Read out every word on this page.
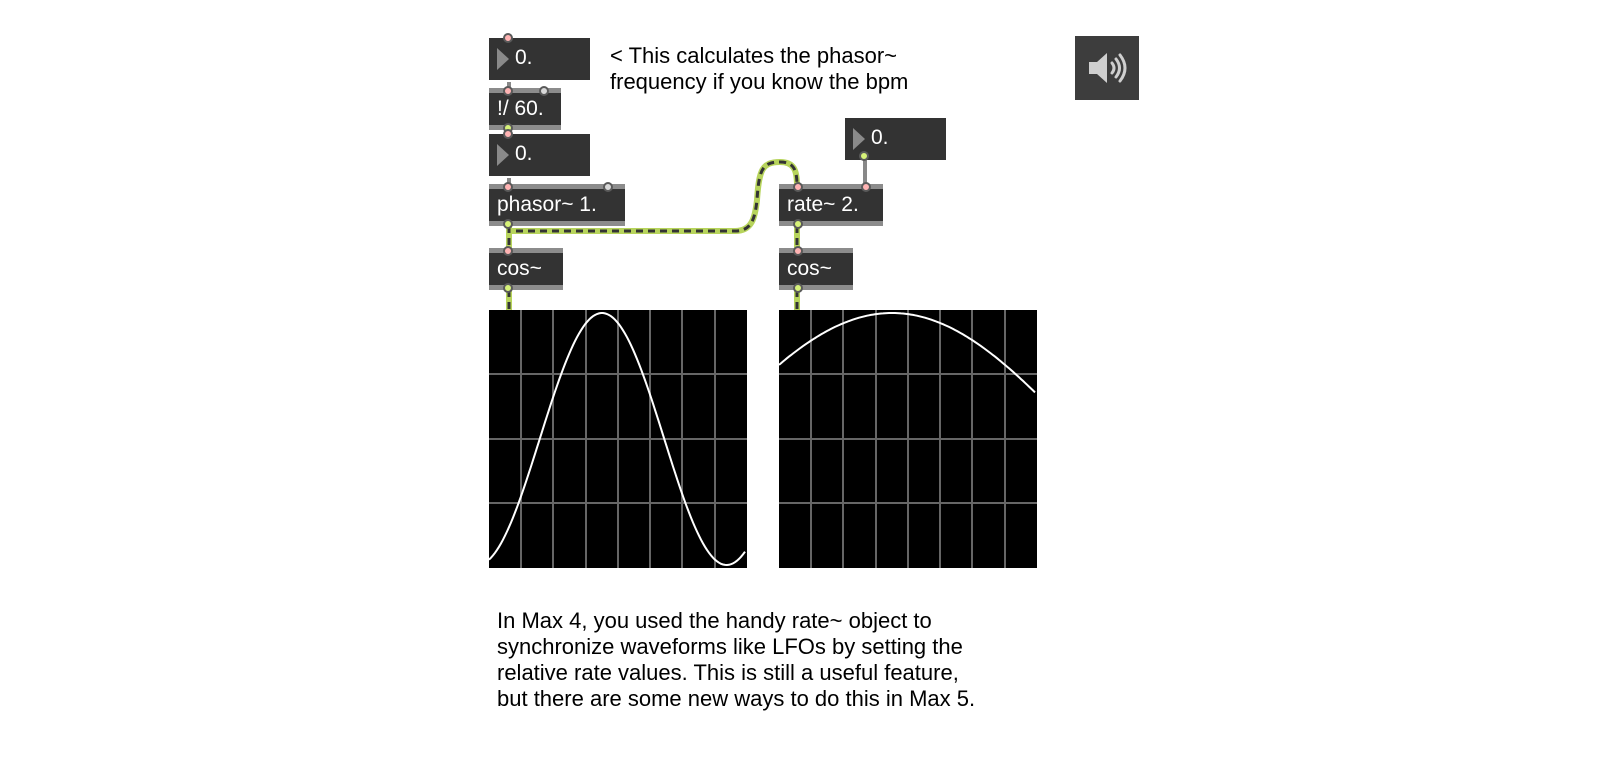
0.
!/ 60.
0.
phasor~ 1.
0.
rate~ 2.
cos~	cos~
< This calculates the phasor~
frequency if you know the bpm
In Max 4, you used the handy rate~ object to
synchronize waveforms like LFOs by setting the
relative rate values. This is still a useful feature,
but there are some new ways to do this in Max 5.
